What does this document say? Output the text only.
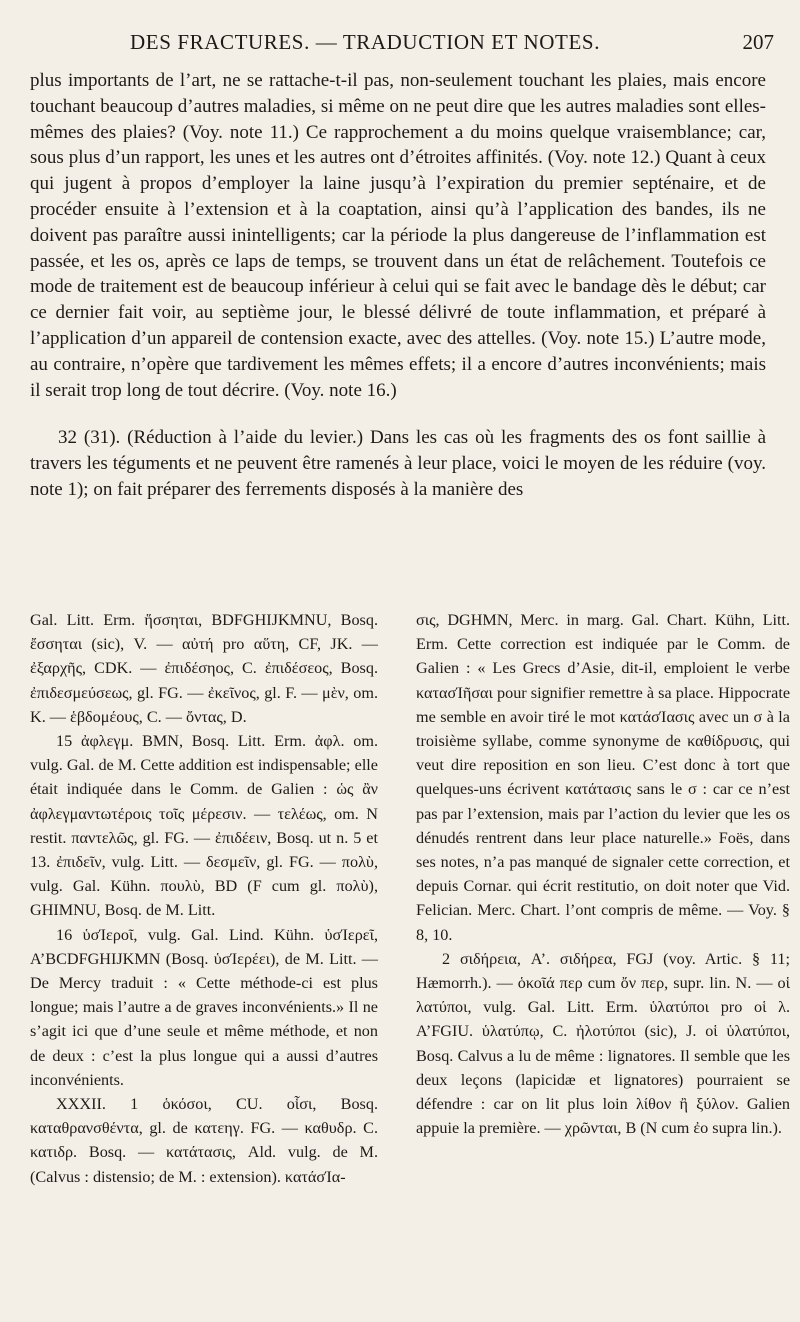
DES FRACTURES. — TRADUCTION ET NOTES.	207

plus importants de l’art, ne se rattache-t-il pas, non-seulement touchant les plaies, mais encore touchant beaucoup d’autres maladies, si même on ne peut dire que les autres maladies sont elles-mêmes des plaies? (Voy. note 11.) Ce rapprochement a du moins quelque vraisemblance; car, sous plus d’un rapport, les unes et les autres ont d’étroites affinités. (Voy. note 12.) Quant à ceux qui jugent à propos d’employer la laine jusqu’à l’expiration du premier septénaire, et de procéder ensuite à l’extension et à la coaptation, ainsi qu’à l’application des bandes, ils ne doivent pas paraître aussi inintelligents; car la période la plus dangereuse de l’inflammation est passée, et les os, après ce laps de temps, se trouvent dans un état de relâchement. Toutefois ce mode de traitement est de beaucoup inférieur à celui qui se fait avec le bandage dès le début; car ce dernier fait voir, au septième jour, le blessé délivré de toute inflammation, et préparé à l’application d’un appareil de contension exacte, avec des attelles. (Voy. note 15.) L’autre mode, au contraire, n’opère que tardivement les mêmes effets; il a encore d’autres inconvénients; mais il serait trop long de tout décrire. (Voy. note 16.)

32 (31). (Réduction à l’aide du levier.) Dans les cas où les fragments des os font saillie à travers les téguments et ne peuvent être ramenés à leur place, voici le moyen de les réduire (voy. note 1); on fait préparer des ferrements disposés à la manière des

Gal. Litt. Erm. ἥσσηται, BDFGHIJKMNU, Bosq. ἔσσηται (sic), V. — αὐτή pro αὕτη, CF, JK. — ἐξαρχῆς, CDK. — ἐπιδέσηος, C. ἐπιδέσεος, Bosq. ἐπιδεσμεύσεως, gl. FG. — ἐκεῖνος, gl. F. — μὲν, om. K. — ἑβδομέους, C. — ὄντας, D.

15 ἀφλεγμ. BMN, Bosq. Litt. Erm. ἀφλ. om. vulg. Gal. de M. Cette addition est indispensable; elle était indiquée dans le Comm. de Galien : ὡς ἂν ἀφλεγμαντωτέροις τοῖς μέρεσιν. — τελέως, om. N restit. παντελῶς, gl. FG. — ἐπιδέειν, Bosq. ut n. 5 et 13. ἐπιδεῖν, vulg. Litt. — δεσμεῖν, gl. FG. — πολὺ, vulg. Gal. Kühn. πουλὺ, BD (F cum gl. πολὺ), GHIMNU, Bosq. de M. Litt.

16 ὑσΊεροῖ, vulg. Gal. Lind. Kühn. ὑσΊερεῖ, A’BCDFGHIJKMN (Bosq. ὑσΊερέει), de M. Litt. — De Mercy traduit : « Cette méthode-ci est plus longue; mais l’autre a de graves inconvénients.» Il ne s’agit ici que d’une seule et même méthode, et non de deux : c’est la plus longue qui a aussi d’autres inconvénients.

XXXII. 1 ὁκόσοι, CU. οἷσι, Bosq. καταθρανσθέντα, gl. de κατεηγ. FG. — καθυδρ. C. κατιδρ. Bosq. — κατάτασις, Ald. vulg. de M. (Calvus : distensio; de M. : extension). κατάσΊα-

σις, DGHMN, Merc. in marg. Gal. Chart. Kühn, Litt. Erm. Cette correction est indiquée par le Comm. de Galien : « Les Grecs d’Asie, dit-il, emploient le verbe κατασΊῆσαι pour signifier remettre à sa place. Hippocrate me semble en avoir tiré le mot κατάσΊασις avec un σ à la troisième syllabe, comme synonyme de καθίδρυσις, qui veut dire reposition en son lieu. C’est donc à tort que quelques-uns écrivent κατάτασις sans le σ : car ce n’est pas par l’extension, mais par l’action du levier que les os dénudés rentrent dans leur place naturelle.» Foës, dans ses notes, n’a pas manqué de signaler cette correction, et depuis Cornar. qui écrit restitutio, on doit noter que Vid. Felician. Merc. Chart. l’ont compris de même. — Voy. § 8, 10.

2 σιδήρεια, A’. σιδήρεα, FGJ (voy. Artic. § 11; Hæmorrh.). — ὁκοῖά περ cum ὄν περ, supr. lin. N. — οἱ λατύποι, vulg. Gal. Litt. Erm. ὑλατύποι pro οἱ λ. A’FGIU. ὑλατύπῳ, C. ἠλοτύποι (sic), J. οἱ ὑλατύποι, Bosq. Calvus a lu de même : lignatores. Il semble que les deux leçons (lapicidæ et lignatores) pourraient se défendre : car on lit plus loin λίθον ἢ ξύλον. Galien appuie la première. — χρῶνται, B (N cum ἐο supra lin.).
